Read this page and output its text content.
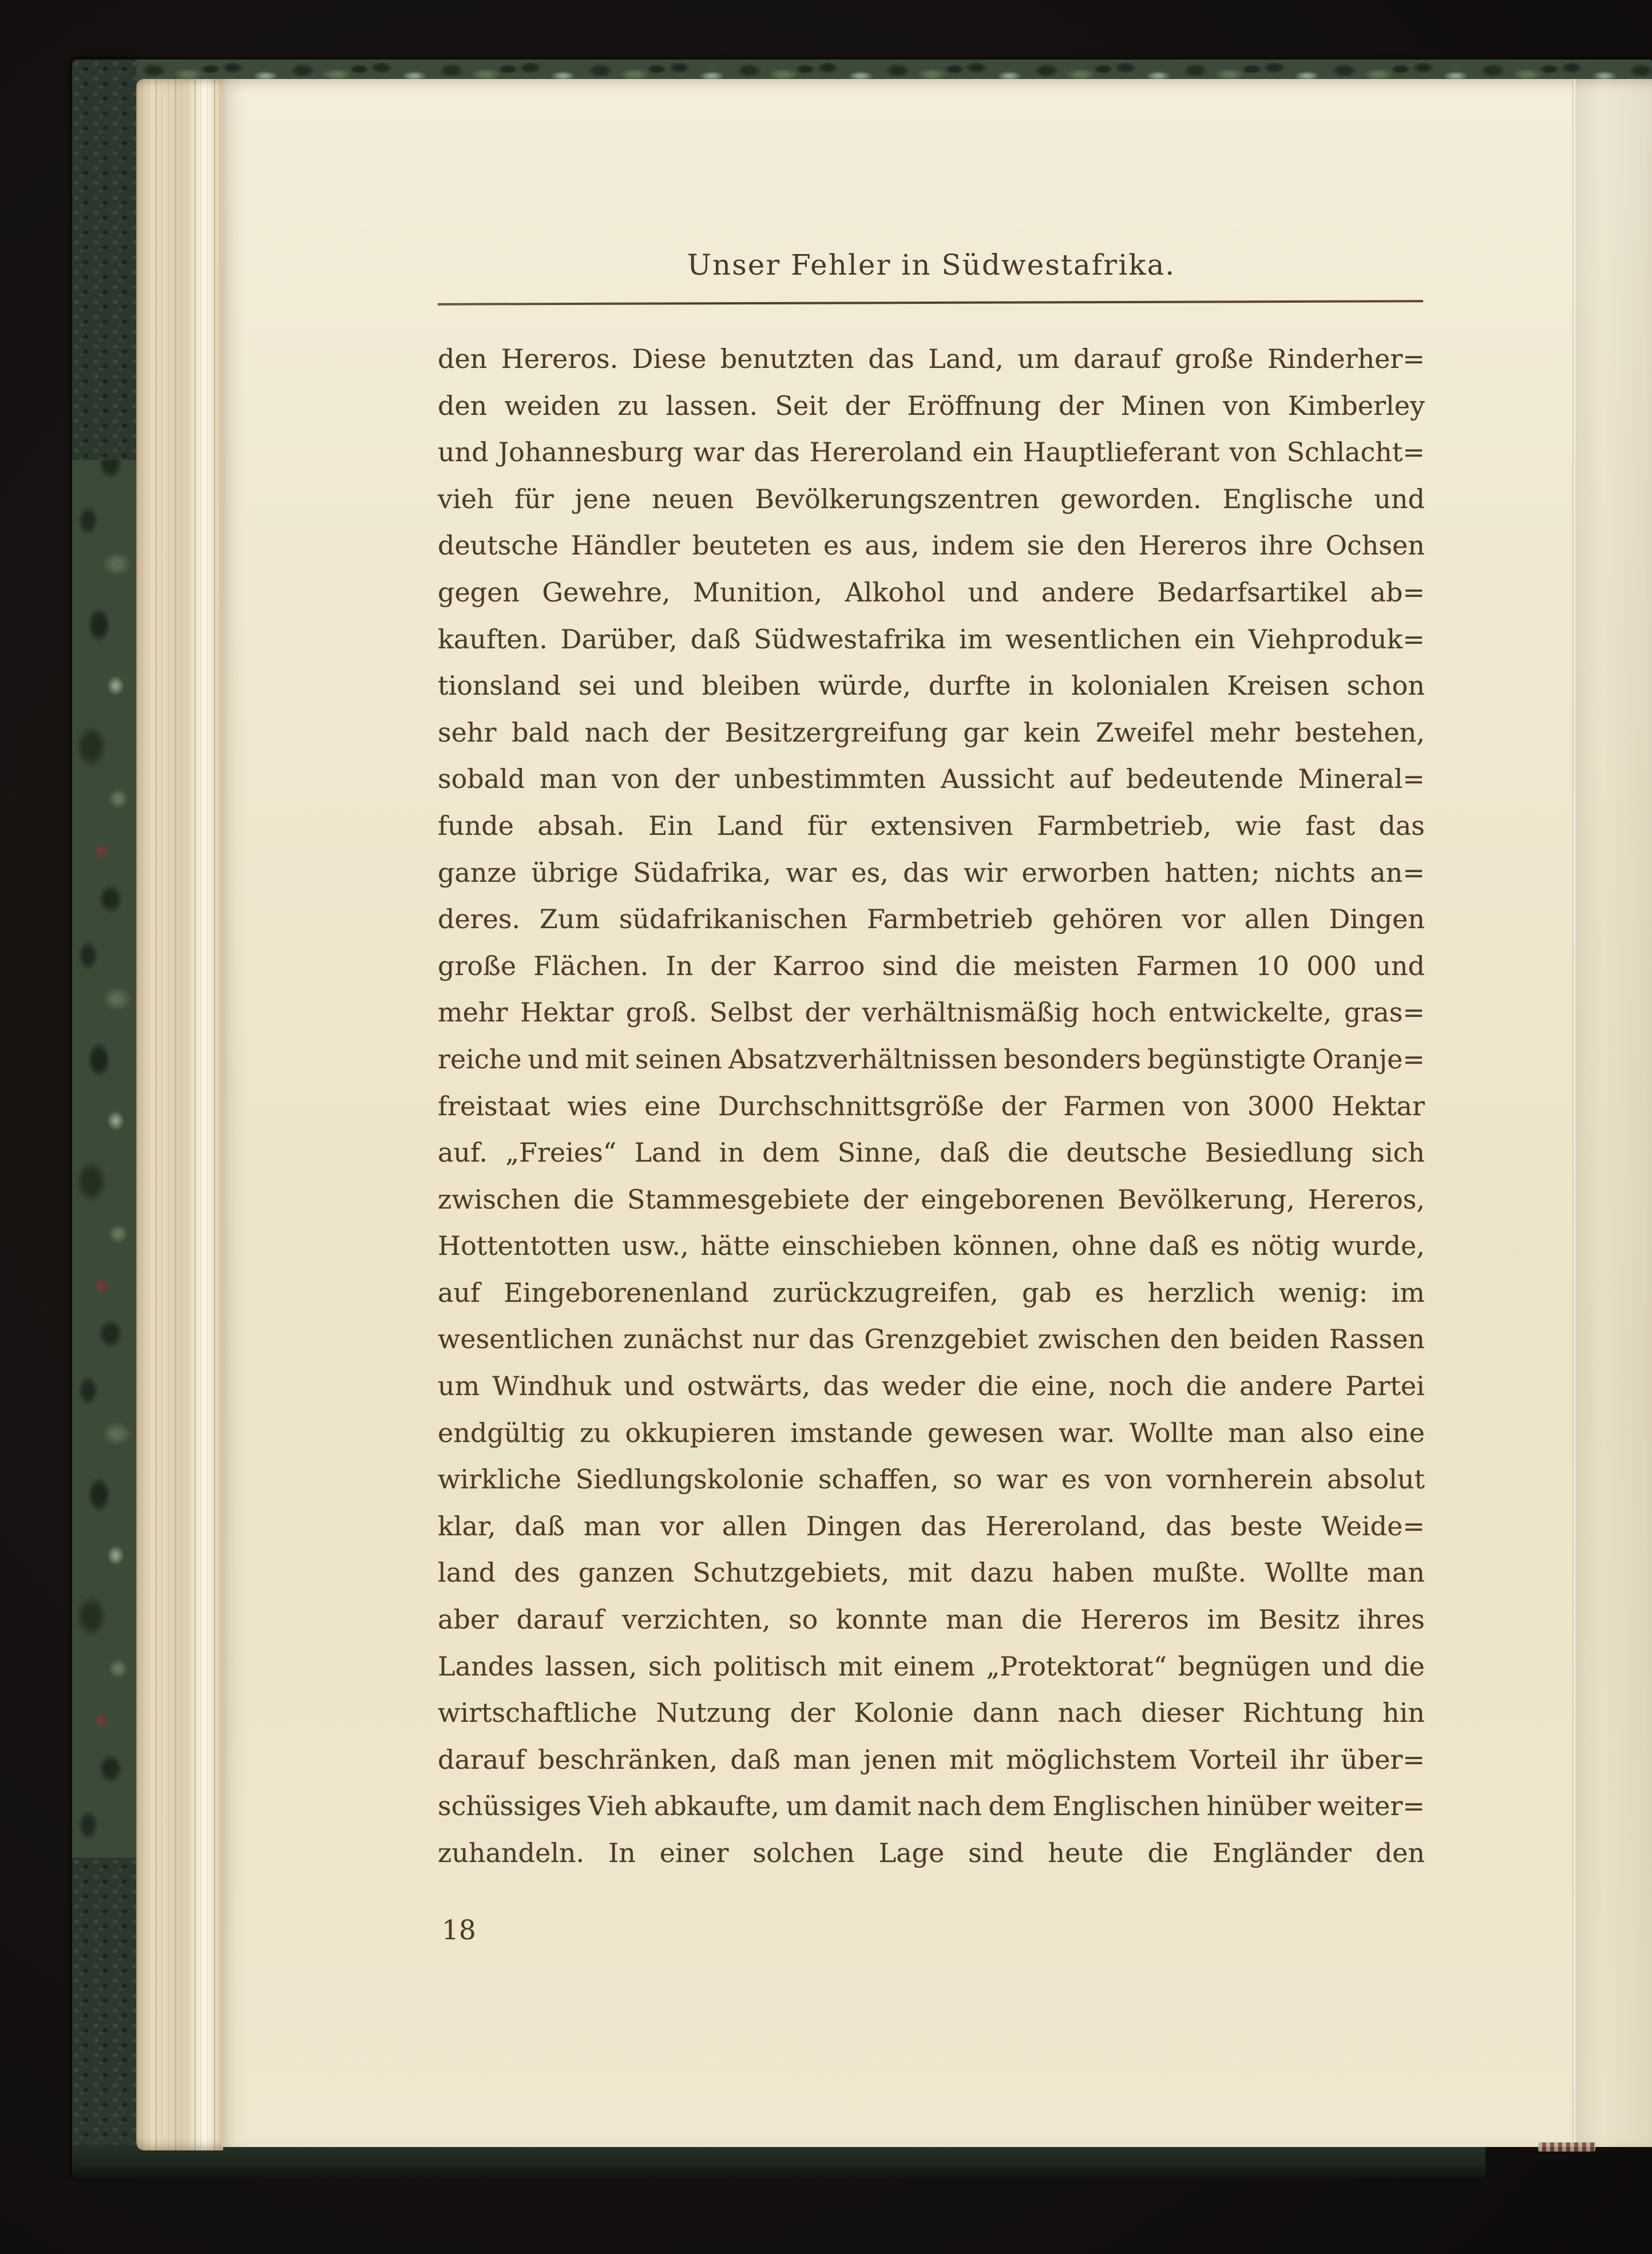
Unser Fehler in Südwestafrika.
den Hereros. Diese benutzten das Land, um darauf große Rinderher=
den weiden zu lassen. Seit der Eröffnung der Minen von Kimberley
und Johannesburg war das Hereroland ein Hauptlieferant von Schlacht=
vieh für jene neuen Bevölkerungszentren geworden. Englische und
deutsche Händler beuteten es aus, indem sie den Hereros ihre Ochsen
gegen Gewehre, Munition, Alkohol und andere Bedarfsartikel ab=
kauften. Darüber, daß Südwestafrika im wesentlichen ein Viehproduk=
tionsland sei und bleiben würde, durfte in kolonialen Kreisen schon
sehr bald nach der Besitzergreifung gar kein Zweifel mehr bestehen,
sobald man von der unbestimmten Aussicht auf bedeutende Mineral=
funde absah. Ein Land für extensiven Farmbetrieb, wie fast das
ganze übrige Südafrika, war es, das wir erworben hatten; nichts an=
deres. Zum südafrikanischen Farmbetrieb gehören vor allen Dingen
große Flächen. In der Karroo sind die meisten Farmen 10 000 und
mehr Hektar groß. Selbst der verhältnismäßig hoch entwickelte, gras=
reiche und mit seinen Absatzverhältnissen besonders begünstigte Oranje=
freistaat wies eine Durchschnittsgröße der Farmen von 3000 Hektar
auf. „Freies“ Land in dem Sinne, daß die deutsche Besiedlung sich
zwischen die Stammesgebiete der eingeborenen Bevölkerung, Hereros,
Hottentotten usw., hätte einschieben können, ohne daß es nötig wurde,
auf Eingeborenenland zurückzugreifen, gab es herzlich wenig: im
wesentlichen zunächst nur das Grenzgebiet zwischen den beiden Rassen
um Windhuk und ostwärts, das weder die eine, noch die andere Partei
endgültig zu okkupieren imstande gewesen war. Wollte man also eine
wirkliche Siedlungskolonie schaffen, so war es von vornherein absolut
klar, daß man vor allen Dingen das Hereroland, das beste Weide=
land des ganzen Schutzgebiets, mit dazu haben mußte. Wollte man
aber darauf verzichten, so konnte man die Hereros im Besitz ihres
Landes lassen, sich politisch mit einem „Protektorat“ begnügen und die
wirtschaftliche Nutzung der Kolonie dann nach dieser Richtung hin
darauf beschränken, daß man jenen mit möglichstem Vorteil ihr über=
schüssiges Vieh abkaufte, um damit nach dem Englischen hinüber weiter=
zuhandeln. In einer solchen Lage sind heute die Engländer den
18
